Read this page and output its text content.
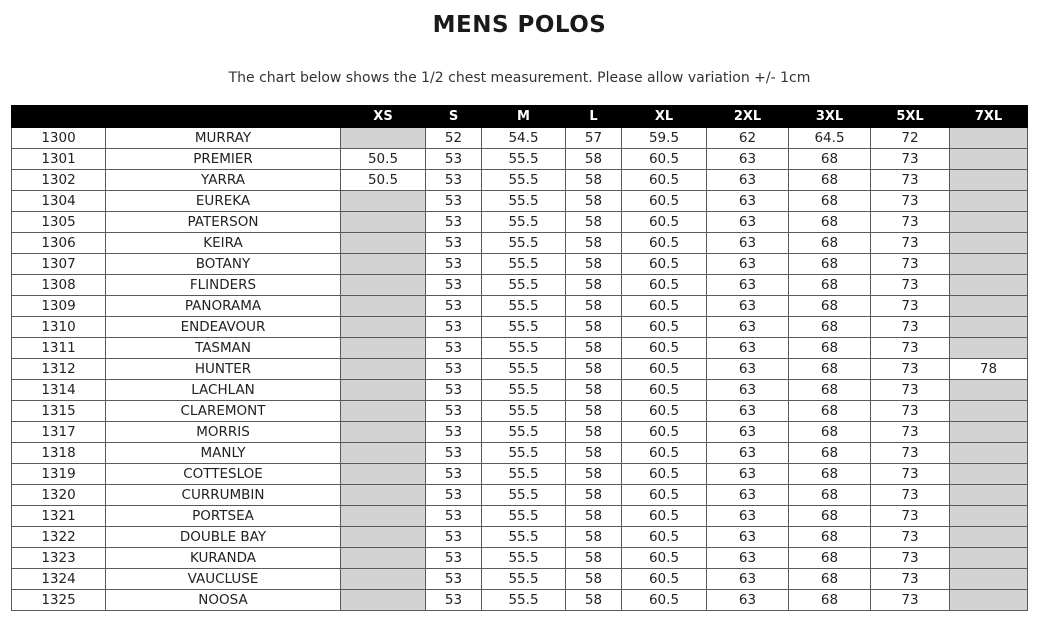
MENS POLOS
The chart below shows the 1/2 chest measurement. Please allow variation +/- 1cm
		XS	S	M	L	XL	2XL	3XL	5XL	7XL
1300	MURRAY		52	54.5	57	59.5	62	64.5	72	
1301	PREMIER	50.5	53	55.5	58	60.5	63	68	73	
1302	YARRA	50.5	53	55.5	58	60.5	63	68	73	
1304	EUREKA		53	55.5	58	60.5	63	68	73	
1305	PATERSON		53	55.5	58	60.5	63	68	73	
1306	KEIRA		53	55.5	58	60.5	63	68	73	
1307	BOTANY		53	55.5	58	60.5	63	68	73	
1308	FLINDERS		53	55.5	58	60.5	63	68	73	
1309	PANORAMA		53	55.5	58	60.5	63	68	73	
1310	ENDEAVOUR		53	55.5	58	60.5	63	68	73	
1311	TASMAN		53	55.5	58	60.5	63	68	73	
1312	HUNTER		53	55.5	58	60.5	63	68	73	78
1314	LACHLAN		53	55.5	58	60.5	63	68	73	
1315	CLAREMONT		53	55.5	58	60.5	63	68	73	
1317	MORRIS		53	55.5	58	60.5	63	68	73	
1318	MANLY		53	55.5	58	60.5	63	68	73	
1319	COTTESLOE		53	55.5	58	60.5	63	68	73	
1320	CURRUMBIN		53	55.5	58	60.5	63	68	73	
1321	PORTSEA		53	55.5	58	60.5	63	68	73	
1322	DOUBLE BAY		53	55.5	58	60.5	63	68	73	
1323	KURANDA		53	55.5	58	60.5	63	68	73	
1324	VAUCLUSE		53	55.5	58	60.5	63	68	73	
1325	NOOSA		53	55.5	58	60.5	63	68	73	
